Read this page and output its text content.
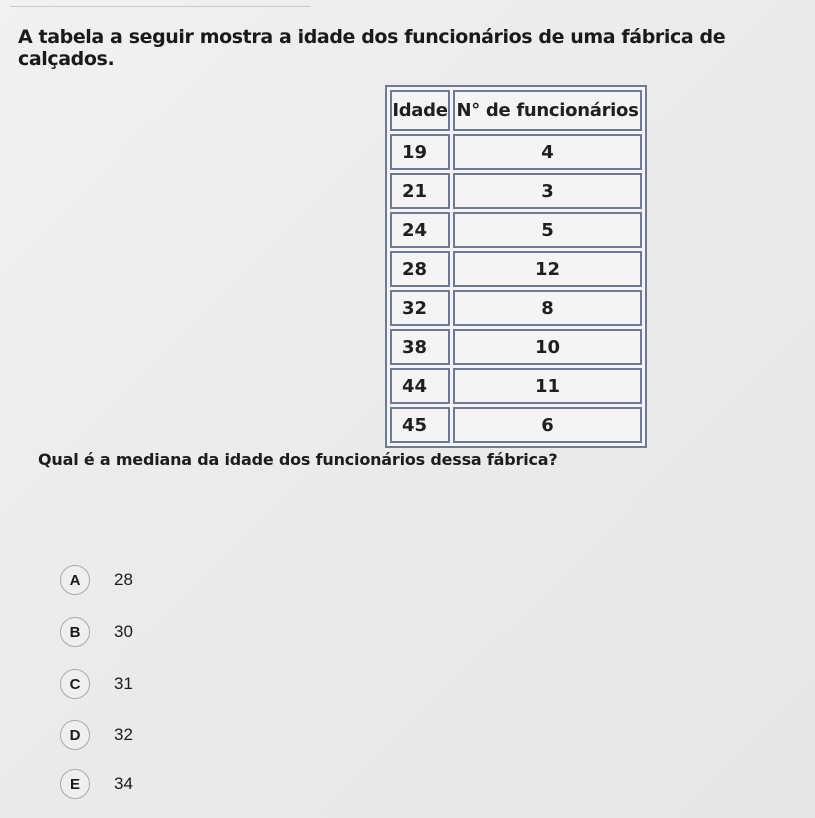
A tabela a seguir mostra a idade dos funcionários de uma fábrica de calçados.
Idade	N° de funcionários
19	4
21	3
24	5
28	12
32	8
38	10
44	11
45	6
Qual é a mediana da idade dos funcionários dessa fábrica?
A	28
B	30
C	31
D	32
E	34
